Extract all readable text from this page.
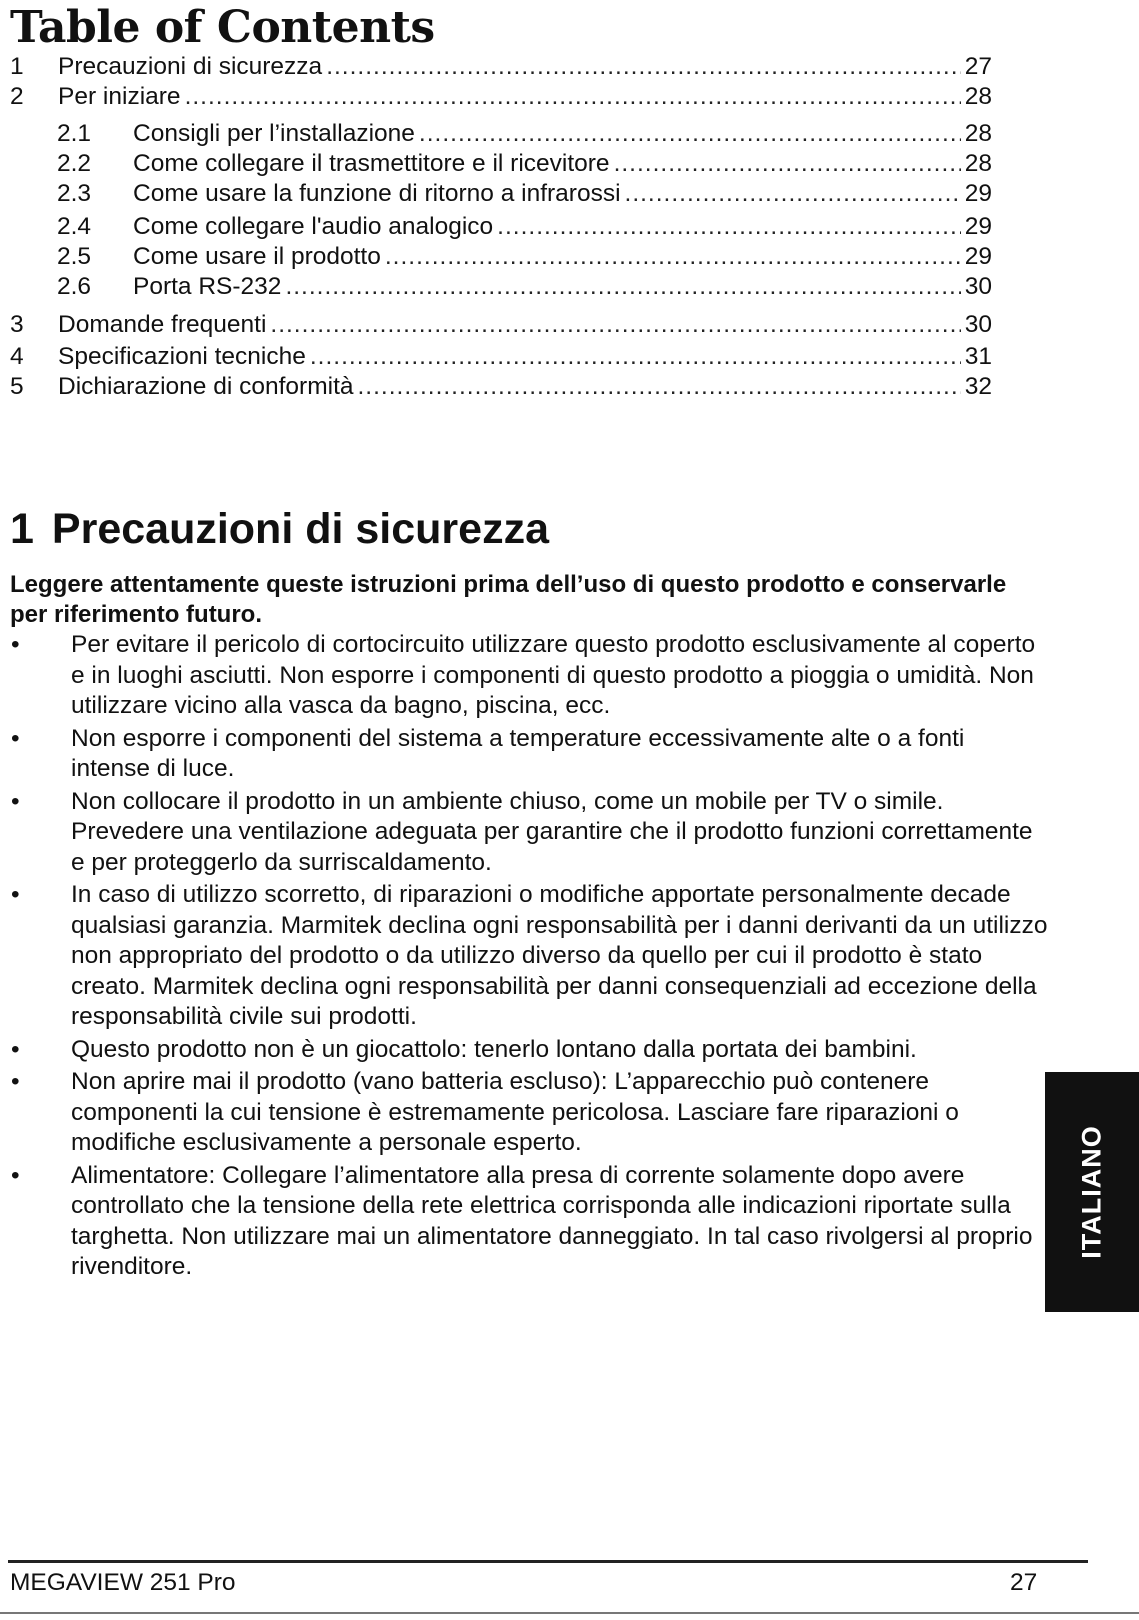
Table of Contents
1	Precauzioni di sicurezza .....	27
2	Per iniziare .....	28
2.1	Consigli per l’installazione .....	28
2.2	Come collegare il trasmettitore e il ricevitore .....	28
2.3	Come usare la funzione di ritorno a infrarossi .....	29
2.4	Come collegare l'audio analogico .....	29
2.5	Come usare il prodotto .....	29
2.6	Porta RS-232 .....	30
3	Domande frequenti .....	30
4	Specificazioni tecniche .....	31
5	Dichiarazione di conformità .....	32
1 Precauzioni di sicurezza

Leggere attentamente queste istruzioni prima dell’uso di questo prodotto e conservarle per riferimento futuro.

•	Per evitare il pericolo di cortocircuito utilizzare questo prodotto esclusivamente al coperto e in luoghi asciutti. Non esporre i componenti di questo prodotto a pioggia o umidità. Non utilizzare vicino alla vasca da bagno, piscina, ecc.
•	Non esporre i componenti del sistema a temperature eccessivamente alte o a fonti intense di luce.
•	Non collocare il prodotto in un ambiente chiuso, come un mobile per TV o simile. Prevedere una ventilazione adeguata per garantire che il prodotto funzioni correttamente e per proteggerlo da surriscaldamento.
•	In caso di utilizzo scorretto, di riparazioni o modifiche apportate personalmente decade qualsiasi garanzia. Marmitek declina ogni responsabilità per i danni derivanti da un utilizzo non appropriato del prodotto o da utilizzo diverso da quello per cui il prodotto è stato creato. Marmitek declina ogni responsabilità per danni consequenziali ad eccezione della responsabilità civile sui prodotti.
•	Questo prodotto non è un giocattolo: tenerlo lontano dalla portata dei bambini.
•	Non aprire mai il prodotto (vano batteria escluso): L’apparecchio può contenere componenti la cui tensione è estremamente pericolosa. Lasciare fare riparazioni o modifiche esclusivamente a personale esperto.
•	Alimentatore: Collegare l’alimentatore alla presa di corrente solamente dopo avere controllato che la tensione della rete elettrica corrisponda alle indicazioni riportate sulla targhetta. Non utilizzare mai un alimentatore danneggiato. In tal caso rivolgersi al proprio rivenditore.
ITALIANO
MEGAVIEW 251 Pro	27
